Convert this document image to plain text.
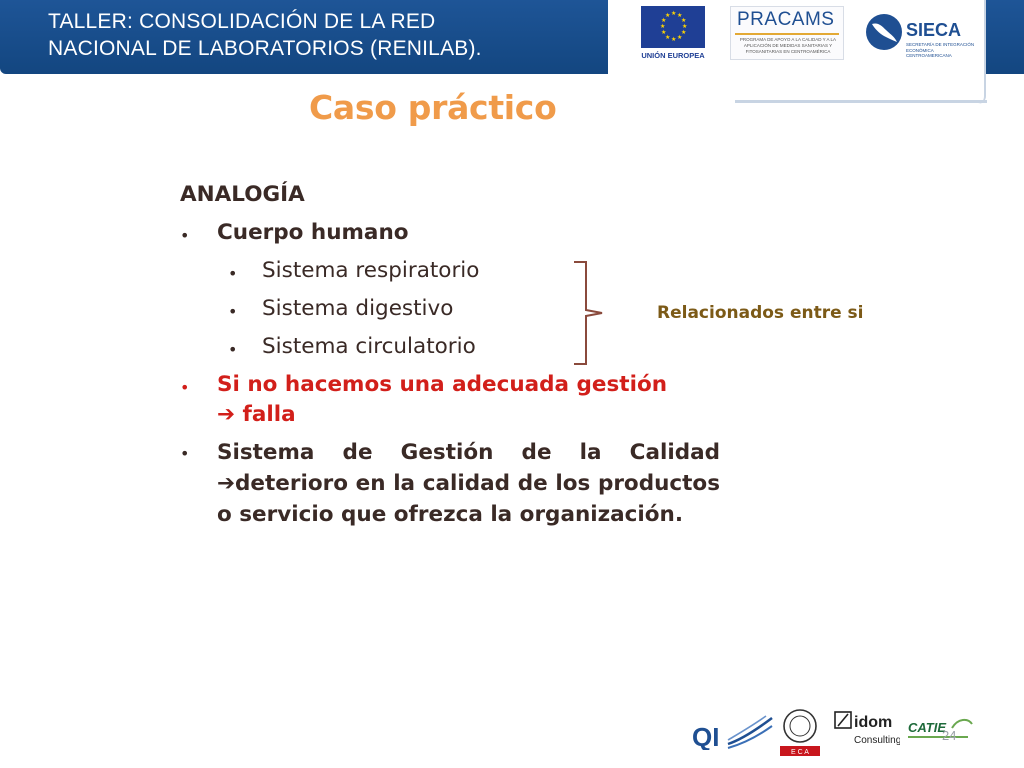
TALLER: CONSOLIDACIÓN DE LA RED
NACIONAL DE LABORATORIOS (RENILAB).
★ ★
★
★
★
★
★
★
★
★
★
★
UNIÓN EUROPEA
PRACAMS
PROGRAMA DE APOYO A LA CALIDAD Y A LA APLICACIÓN DE MEDIDAS SANITARIAS Y FITOSANITARIAS EN CENTROAMÉRICA
SIECA
SECRETARÍA DE INTEGRACIÓN ECONÓMICA CENTROAMERICANA
Caso práctico
ANALOGÍA
• Cuerpo humano
• Sistema respiratorio
• Sistema digestivo
• Sistema circulatorio
• Si no hacemos una adecuada gestión
➔ falla
• Sistema de Gestión de la Calidad ➔deterioro en la calidad de los productos o servicio que ofrezca la organización.
Relacionados entre si
QI
E C A
idom
Consulting
CATIE
24
